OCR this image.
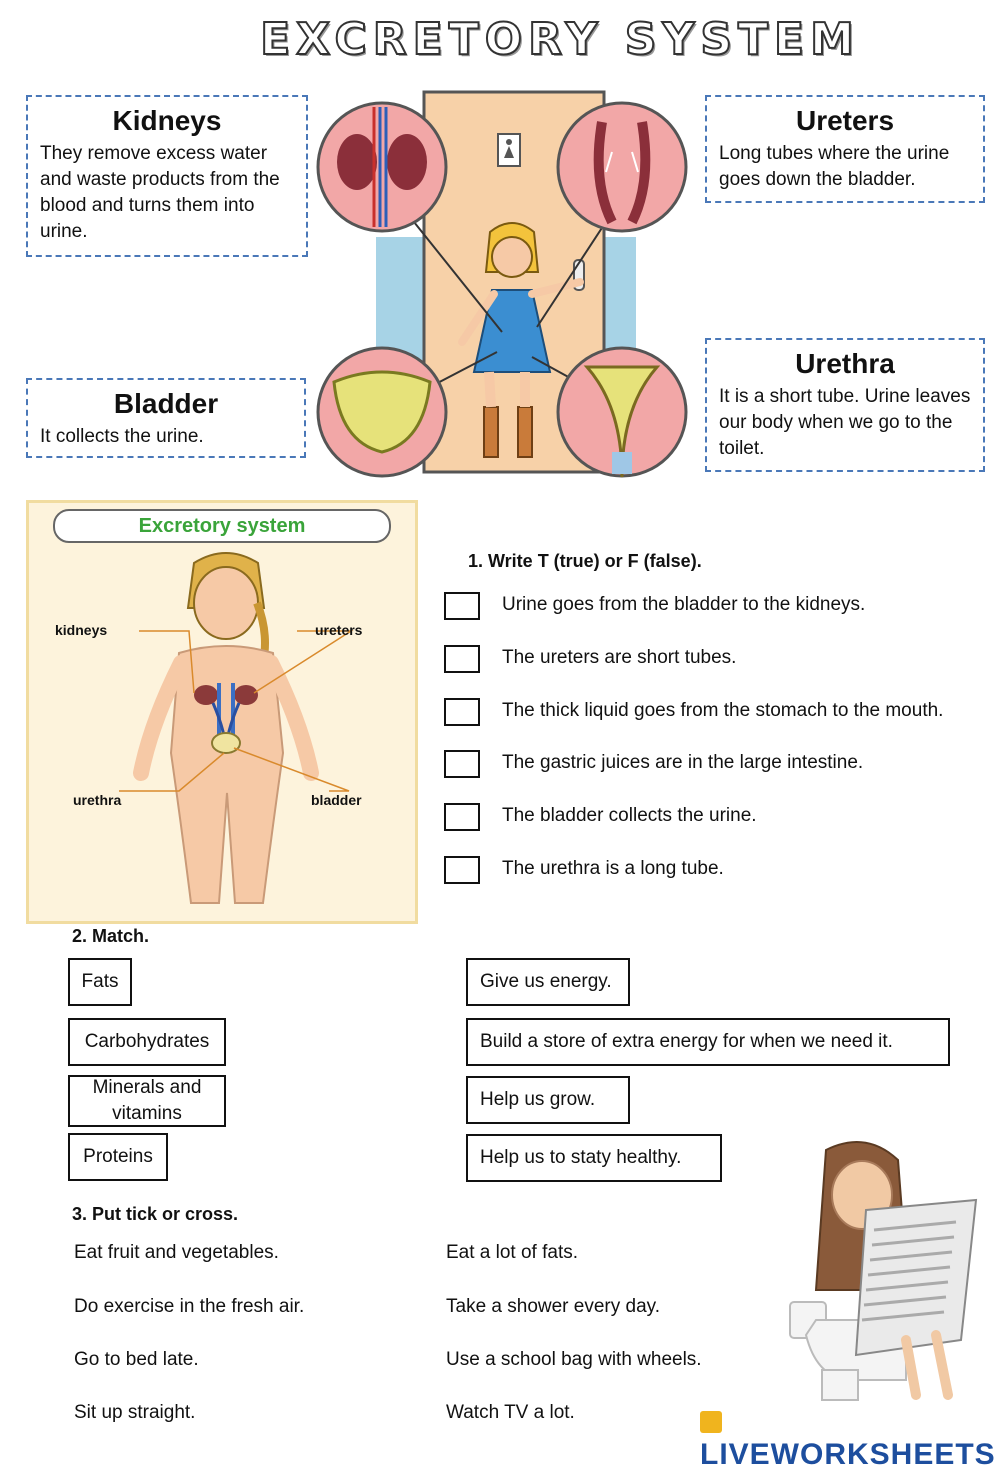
EXCRETORY SYSTEM
Kidneys

They remove excess water and waste products from the blood and turns them into urine.

Ureters

Long tubes where the urine goes down the bladder.

Bladder

It collects the urine.

Urethra

It is a short tube. Urine leaves our body when we go to the toilet.

Excretory system
kidneys	ureters
urethra	bladder
1. Write T (true) or F (false).
Urine goes from the bladder to the kidneys.
The ureters are short tubes.
The thick liquid goes from the stomach to the mouth.
The gastric juices are in the large intestine.
The bladder collects the urine.
The urethra is a long tube.
2. Match.
Fats
Carbohydrates
Minerals and vitamins
Proteins
Give us energy.
Build a store of extra energy for when we need it.
Help us grow.
Help us to staty healthy.
3. Put tick or cross.
Eat fruit and vegetables.
Do exercise in the fresh air.
Go to bed late.
Sit up straight.
Eat a lot of fats.
Take a shower every day.
Use a school bag with wheels.
Watch TV a lot.
LIVEWORKSHEETS
